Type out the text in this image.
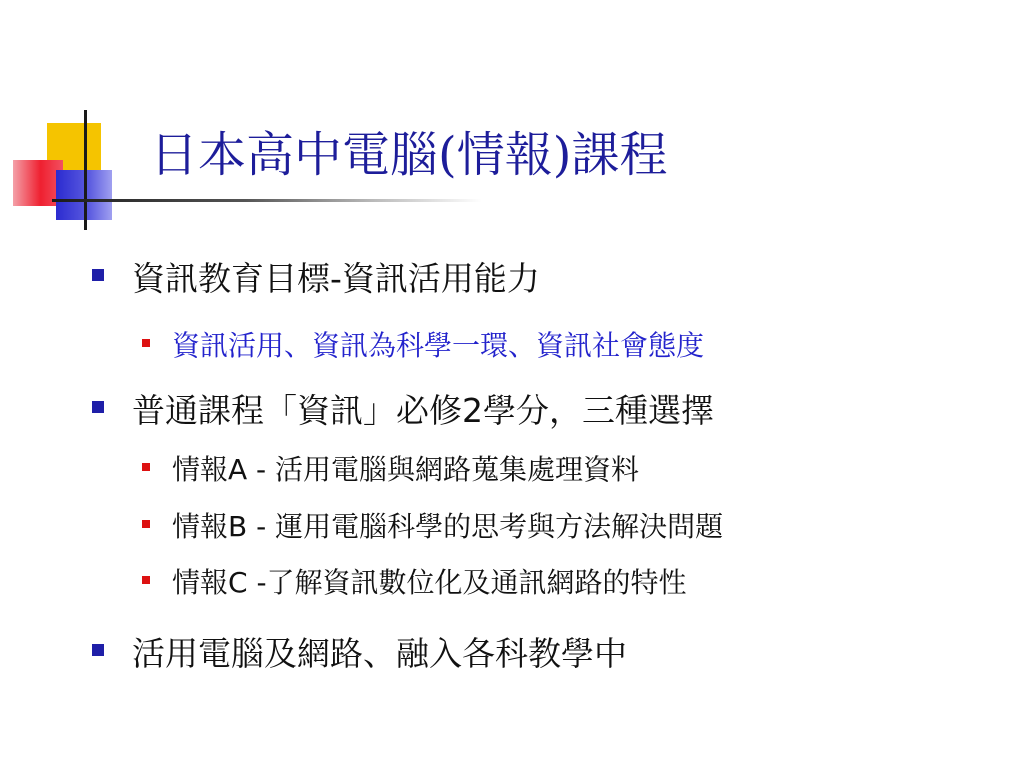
日本高中電腦(情報)課程
資訊教育目標-資訊活用能力
資訊活用、資訊為科學一環、資訊社會態度
普通課程「資訊」必修2學分，三種選擇
情報A - 活用電腦與網路蒐集處理資料
情報B - 運用電腦科學的思考與方法解決問題
情報C -了解資訊數位化及通訊網路的特性
活用電腦及網路、融入各科教學中
